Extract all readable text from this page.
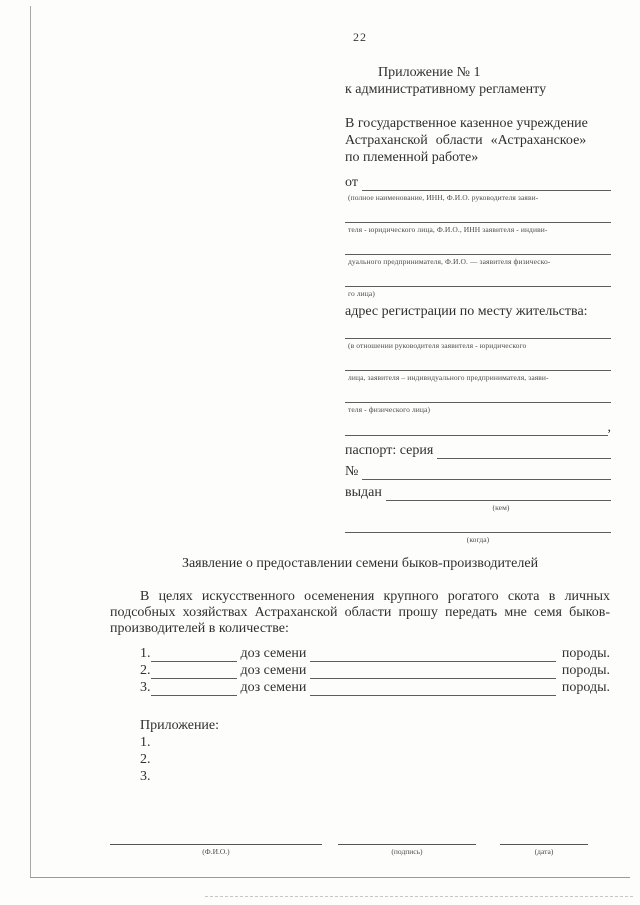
22
Приложение № 1
к административному регламенту
В государственное казенное учреждение
Астраханской области «Астраханское»
по племенной работе»
от
(полное наименование, ИНН, Ф.И.О. руководителя заяви-
теля - юридического лица, Ф.И.О., ИНН заявителя - индиви-
дуального предпринимателя, Ф.И.О. — заявителя физическо-
го лица)
адрес регистрации по месту жительства:
(в отношении руководителя заявителя - юридического
лица, заявителя – индивидуального предпринимателя, заяви-
теля - физического лица)
,
паспорт: серия
№
выдан
(кем)
(когда)
Заявление о предоставлении семени быков-производителей
В целях искусственного осеменения крупного рогатого скота в личных подсобных хозяйствах Астраханской области прошу передать мне семя быков-производителей в количестве:
1.	доз семени	породы.
2.	доз семени	породы.
3.	доз семени	породы.
Приложение:
1.
2.
3.
(Ф.И.О.)	(подпись)	(дата)
